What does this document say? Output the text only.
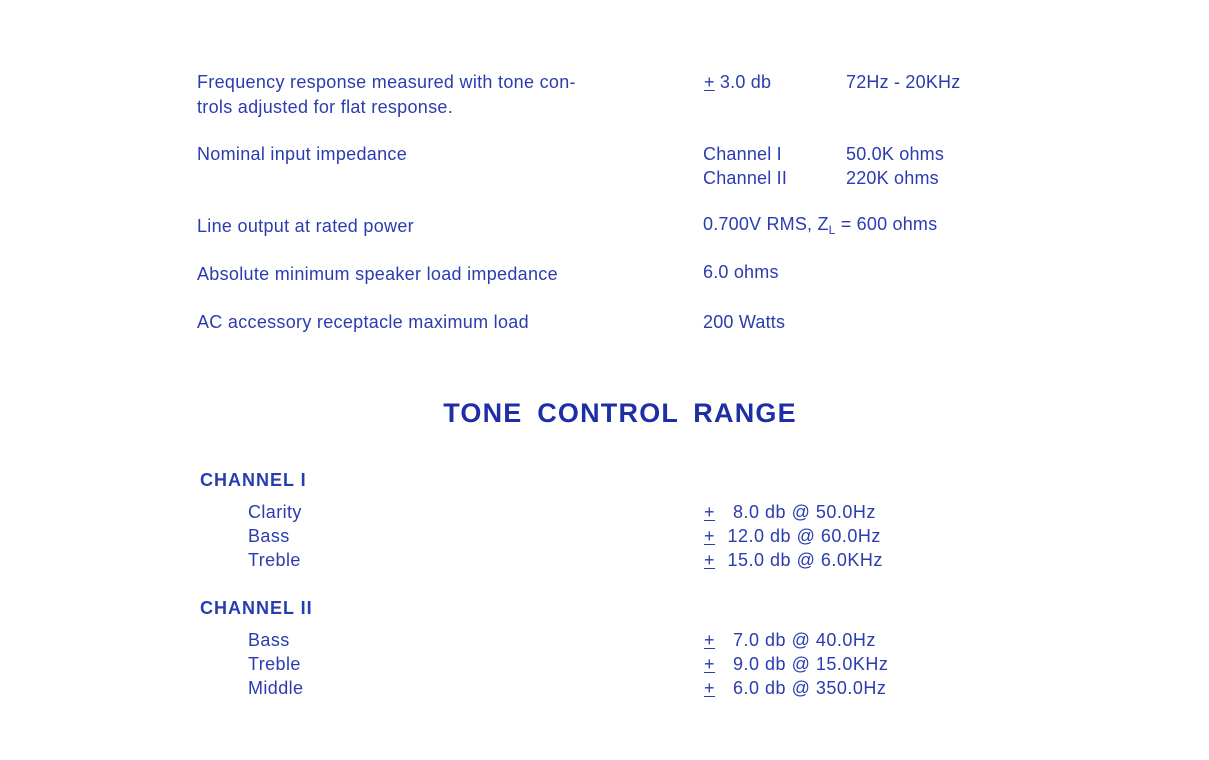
Frequency response measured with tone con-
trols adjusted for flat response.
+ 3.0 db	72Hz - 20KHz
Nominal input impedance	Channel I	50.0K ohms
Channel II	220K ohms
Line output at rated power	0.700V RMS, $Z_L = 600$ ohms
Absolute minimum speaker load impedance	6.0 ohms
AC accessory receptacle maximum load	200 Watts
TONE CONTROL RANGE
CHANNEL I
Clarity	+  8.0 db @ 50.0Hz
Bass	+ 12.0 db @ 60.0Hz
Treble	+ 15.0 db @ 6.0KHz
CHANNEL II
Bass	+  7.0 db @ 40.0Hz
Treble	+  9.0 db @ 15.0KHz
Middle	+  6.0 db @ 350.0Hz
